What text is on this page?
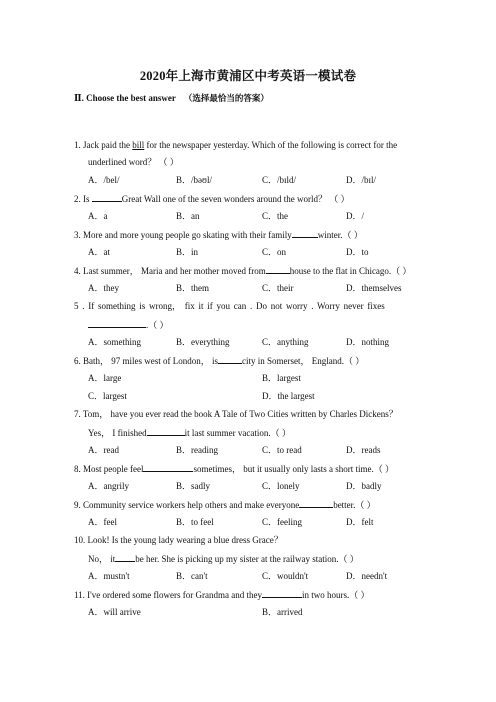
2020年上海市黄浦区中考英语一模试卷
Ⅱ. Choose the best answer （选择最恰当的答案）
1. Jack paid the bill for the newspaper yesterday. Which of the following is correct for the
underlined word？ （ ）
A．/bel/	B．/bəʊl/	C．/bɪld/	D．/bɪl/
2. Is	Great Wall one of the seven wonders around the world？ （ ）
A．a	B．an	C．the	D．/
3. More and more young people go skating with their family	winter.（ ）
A．at	B．in	C．on	D．to
4. Last summer， Maria and her mother moved from	house to the flat in Chicago.（ ）
A．they	B．them	C．their	D．themselves
5 . If something is wrong， fix it if you can . Do not worry . Worry never fixes
.（ ）
A．something	B．everything	C．anything	D．nothing
6. Bath， 97 miles west of London， is	city in Somerset， England.（ ）
A．large	B．largest
C．largest	D．the largest
7. Tom， have you ever read the book A Tale of Two Cities written by Charles Dickens？
Yes， I finished	it last summer vacation.（ ）
A．read	B．reading	C．to read	D．reads
8. Most people feel	sometimes， but it usually only lasts a short time.（ ）
A．angrily	B．sadly	C．lonely	D．badly
9. Community service workers help others and make everyone	better.（ ）
A．feel	B．to feel	C．feeling	D．felt
10. Look! Is the young lady wearing a blue dress Grace？
No， it be her. She is picking up my sister at the railway station.（ ）
A．mustn't	B．can't	C．wouldn't	D．needn't
11. I've ordered some flowers for Grandma and they	in two hours.（ ）
A．will arrive	B．arrived
